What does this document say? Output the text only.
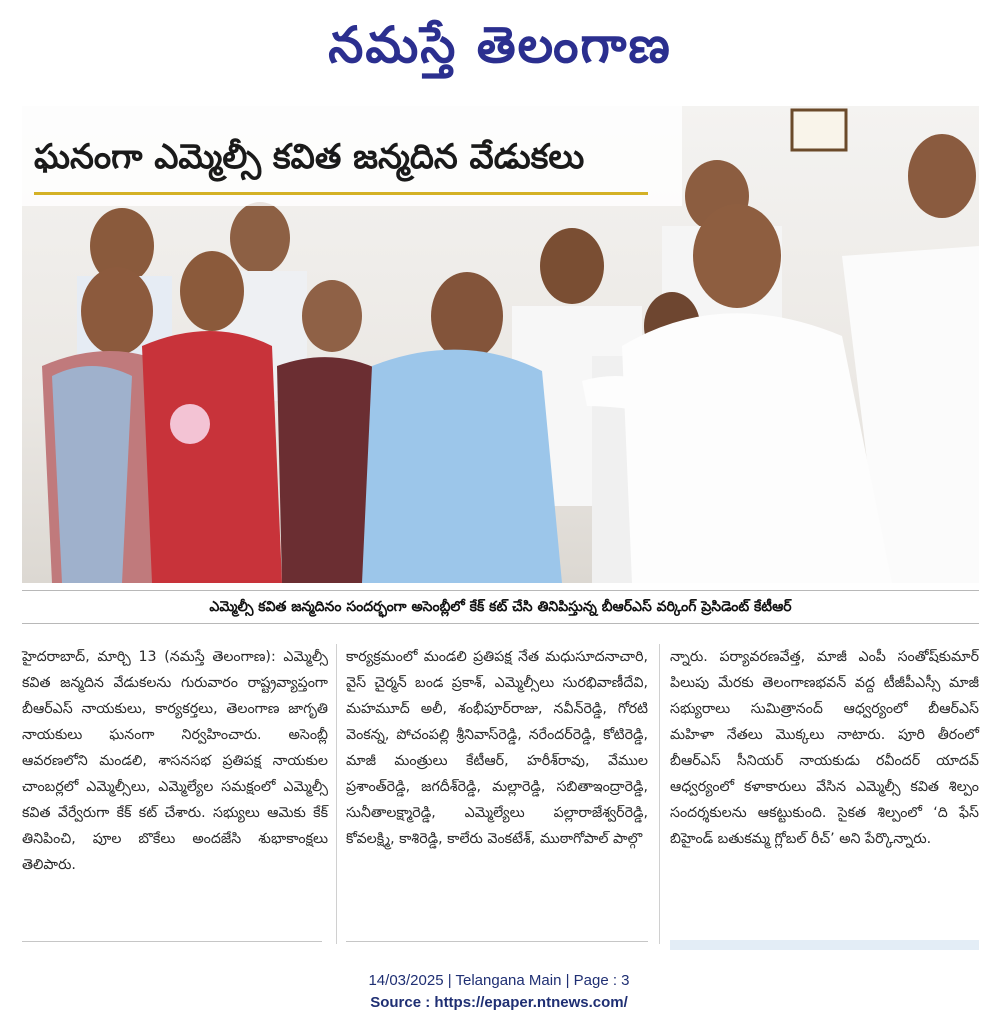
నమస్తే తెలంగాణ
ఘనంగా ఎమ్మెల్సీ కవిత జన్మదిన వేడుకలు
ఎమ్మెల్సీ కవిత జన్మదినం సందర్భంగా అసెంబ్లీలో కేక్ కట్ చేసి తినిపిస్తున్న బీఆర్ఎస్ వర్కింగ్ ప్రెసిడెంట్ కేటీఆర్

హైదరాబాద్, మార్చి 13 (నమస్తే తెలంగాణ): ఎమ్మెల్సీ కవిత జన్మదిన వేడుకలను గురువారం రాష్ట్రవ్యాప్తంగా బీఆర్ఎస్ నాయకులు, కార్యకర్తలు, తెలంగాణ జాగృతి నాయకులు ఘనంగా నిర్వహించారు. అసెంబ్లీ ఆవరణలోని మండలి, శాసనసభ ప్రతిపక్ష నాయకుల చాంబర్లలో ఎమ్మెల్సీలు, ఎమ్మెల్యేల సమక్షంలో ఎమ్మెల్సీ కవిత వేర్వేరుగా కేక్ కట్ చేశారు. సభ్యులు ఆమెకు కేక్ తినిపించి, పూల బొకేలు అందజేసి శుభాకాంక్షలు తెలిపారు.

కార్యక్రమంలో మండలి ప్రతిపక్ష నేత మధుసూదనాచారి, వైస్ చైర్మన్ బండ ప్రకాశ్, ఎమ్మెల్సీలు సురభివాణీదేవి, మహమూద్ అలీ, శంభీపూర్‌రాజు, నవీన్‌రెడ్డి, గోరటి వెంకన్న, పోచంపల్లి శ్రీనివాస్‌రెడ్డి, నరేందర్‌రెడ్డి, కోటిరెడ్డి, మాజీ మంత్రులు కేటీఆర్, హరీశ్‌రావు, వేముల ప్రశాంత్‌రెడ్డి, జగదీశ్‌రెడ్డి, మల్లారెడ్డి, సబితాఇంద్రారెడ్డి, సునీతాలక్ష్మారెడ్డి, ఎమ్మెల్యేలు పల్లారాజేశ్వర్‌రెడ్డి, కోవలక్ష్మి, కాశిరెడ్డి, కాలేరు వెంకటేశ్, ముఠాగోపాల్ పాల్గొ

న్నారు. పర్యావరణవేత్త, మాజీ ఎంపీ సంతోష్‌కుమార్ పిలుపు మేరకు తెలంగాణభవన్ వద్ద టీజీపీఎస్సీ మాజీ సభ్యురాలు సుమిత్రానంద్ ఆధ్వర్యంలో బీఆర్ఎస్ మహిళా నేతలు మొక్కలు నాటారు. పూరి తీరంలో బీఆర్ఎస్ సీనియర్ నాయకుడు రవీందర్ యాదవ్ ఆధ్వర్యంలో కళాకారులు వేసిన ఎమ్మెల్సీ కవిత శిల్పం సందర్శకులను ఆకట్టుకుంది. సైకత శిల్పంలో ‘ది ఫేస్ బిహైండ్ బతుకమ్మ గ్లోబల్ రీచ్’ అని పేర్కొన్నారు.

14/03/2025 | Telangana Main | Page : 3
Source : https://epaper.ntnews.com/
